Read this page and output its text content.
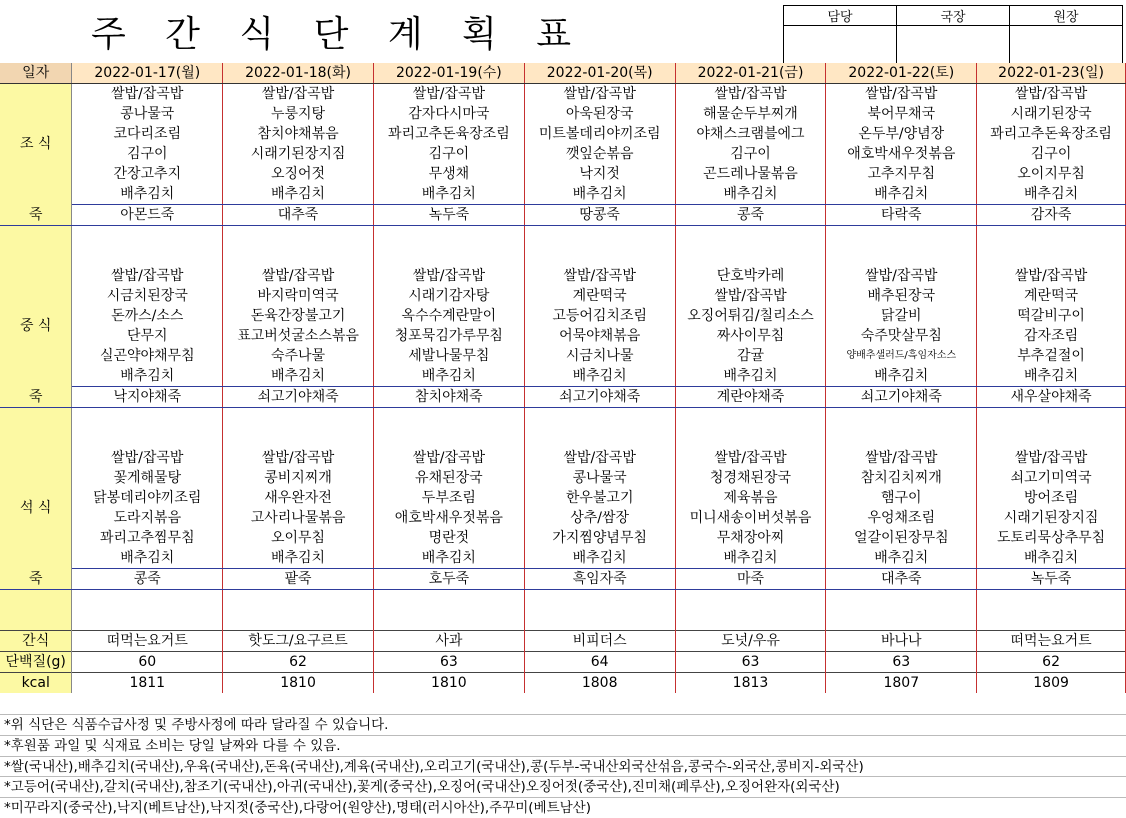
주 간 식 단 계 획 표	담당	국장	원장

일자	2022-01-17(월)	2022-01-18(화)	2022-01-19(수)	2022-01-20(목)	2022-01-21(금)	2022-01-22(토)	2022-01-23(일)
조 식	쌀밥/잡곡밥	쌀밥/잡곡밥	쌀밥/잡곡밥	쌀밥/잡곡밥	쌀밥/잡곡밥	쌀밥/잡곡밥	쌀밥/잡곡밥
	콩나물국	누룽지탕	감자다시마국	아욱된장국	해물순두부찌개	북어무채국	시래기된장국
	코다리조림	참치야채볶음	꽈리고추돈육장조림	미트볼데리야끼조림	야채스크램블에그	온두부/양념장	꽈리고추돈육장조림
	김구이	시래기된장지짐	김구이	깻잎순볶음	김구이	애호박새우젓볶음	김구이
	간장고추지	오징어젓	무생채	낙지젓	곤드레나물볶음	고추지무침	오이지무침
	배추김치	배추김치	배추김치	배추김치	배추김치	배추김치	배추김치
죽	아몬드죽	대추죽	녹두죽	땅콩죽	콩죽	타락죽	감자죽

중 식	쌀밥/잡곡밥	쌀밥/잡곡밥	쌀밥/잡곡밥	쌀밥/잡곡밥	단호박카레	쌀밥/잡곡밥	쌀밥/잡곡밥
	시금치된장국	바지락미역국	시래기감자탕	계란떡국	쌀밥/잡곡밥	배추된장국	계란떡국
	돈까스/소스	돈육간장불고기	옥수수계란말이	고등어김치조림	오징어튀김/칠리소스	닭갈비	떡갈비구이
	단무지	표고버섯굴소스볶음	청포묵김가루무침	어묵야채볶음	짜사이무침	숙주맛살무침	감자조림
	실곤약야채무침	숙주나물	세발나물무침	시금치나물	감귤	양배추샐러드/흑임자소스	부추겉절이
	배추김치	배추김치	배추김치	배추김치	배추김치	배추김치	배추김치
죽	낙지야채죽	쇠고기야채죽	참치야채죽	쇠고기야채죽	계란야채죽	쇠고기야채죽	새우살야채죽

석 식	쌀밥/잡곡밥	쌀밥/잡곡밥	쌀밥/잡곡밥	쌀밥/잡곡밥	쌀밥/잡곡밥	쌀밥/잡곡밥	쌀밥/잡곡밥
	꽃게해물탕	콩비지찌개	유채된장국	콩나물국	청경채된장국	참치김치찌개	쇠고기미역국
	닭봉데리야끼조림	새우완자전	두부조림	한우불고기	제육볶음	햄구이	방어조림
	도라지볶음	고사리나물볶음	애호박새우젓볶음	상추/쌈장	미니새송이버섯볶음	우엉채조림	시래기된장지짐
	꽈리고추찜무침	오이무침	명란젓	가지찜양념무침	무채장아찌	얼갈이된장무침	도토리묵상추무침
	배추김치	배추김치	배추김치	배추김치	배추김치	배추김치	배추김치
죽	콩죽	팥죽	호두죽	흑임자죽	마죽	대추죽	녹두죽

간식	떠먹는요거트	핫도그/요구르트	사과	비피더스	도넛/우유	바나나	떠먹는요거트
단백질(g)	60	62	63	64	63	63	62
kcal	1811	1810	1810	1808	1813	1807	1809
*위 식단은 식품수급사정 및 주방사정에 따라 달라질 수 있습니다.
*후원품 과일 및 식재료 소비는 당일 날짜와 다를 수 있음.
*쌀(국내산),배추김치(국내산),우육(국내산),돈육(국내산),계육(국내산),오리고기(국내산),콩(두부-국내산외국산섞음,콩국수-외국산,콩비지-외국산)
*고등어(국내산),갈치(국내산),참조기(국내산),아귀(국내산),꽃게(중국산),오징어(국내산)오징어젓(중국산),진미채(페루산),오징어완자(외국산)
*미꾸라지(중국산),낙지(베트남산),낙지젓(중국산),다랑어(원양산),명태(러시아산),주꾸미(베트남산)
